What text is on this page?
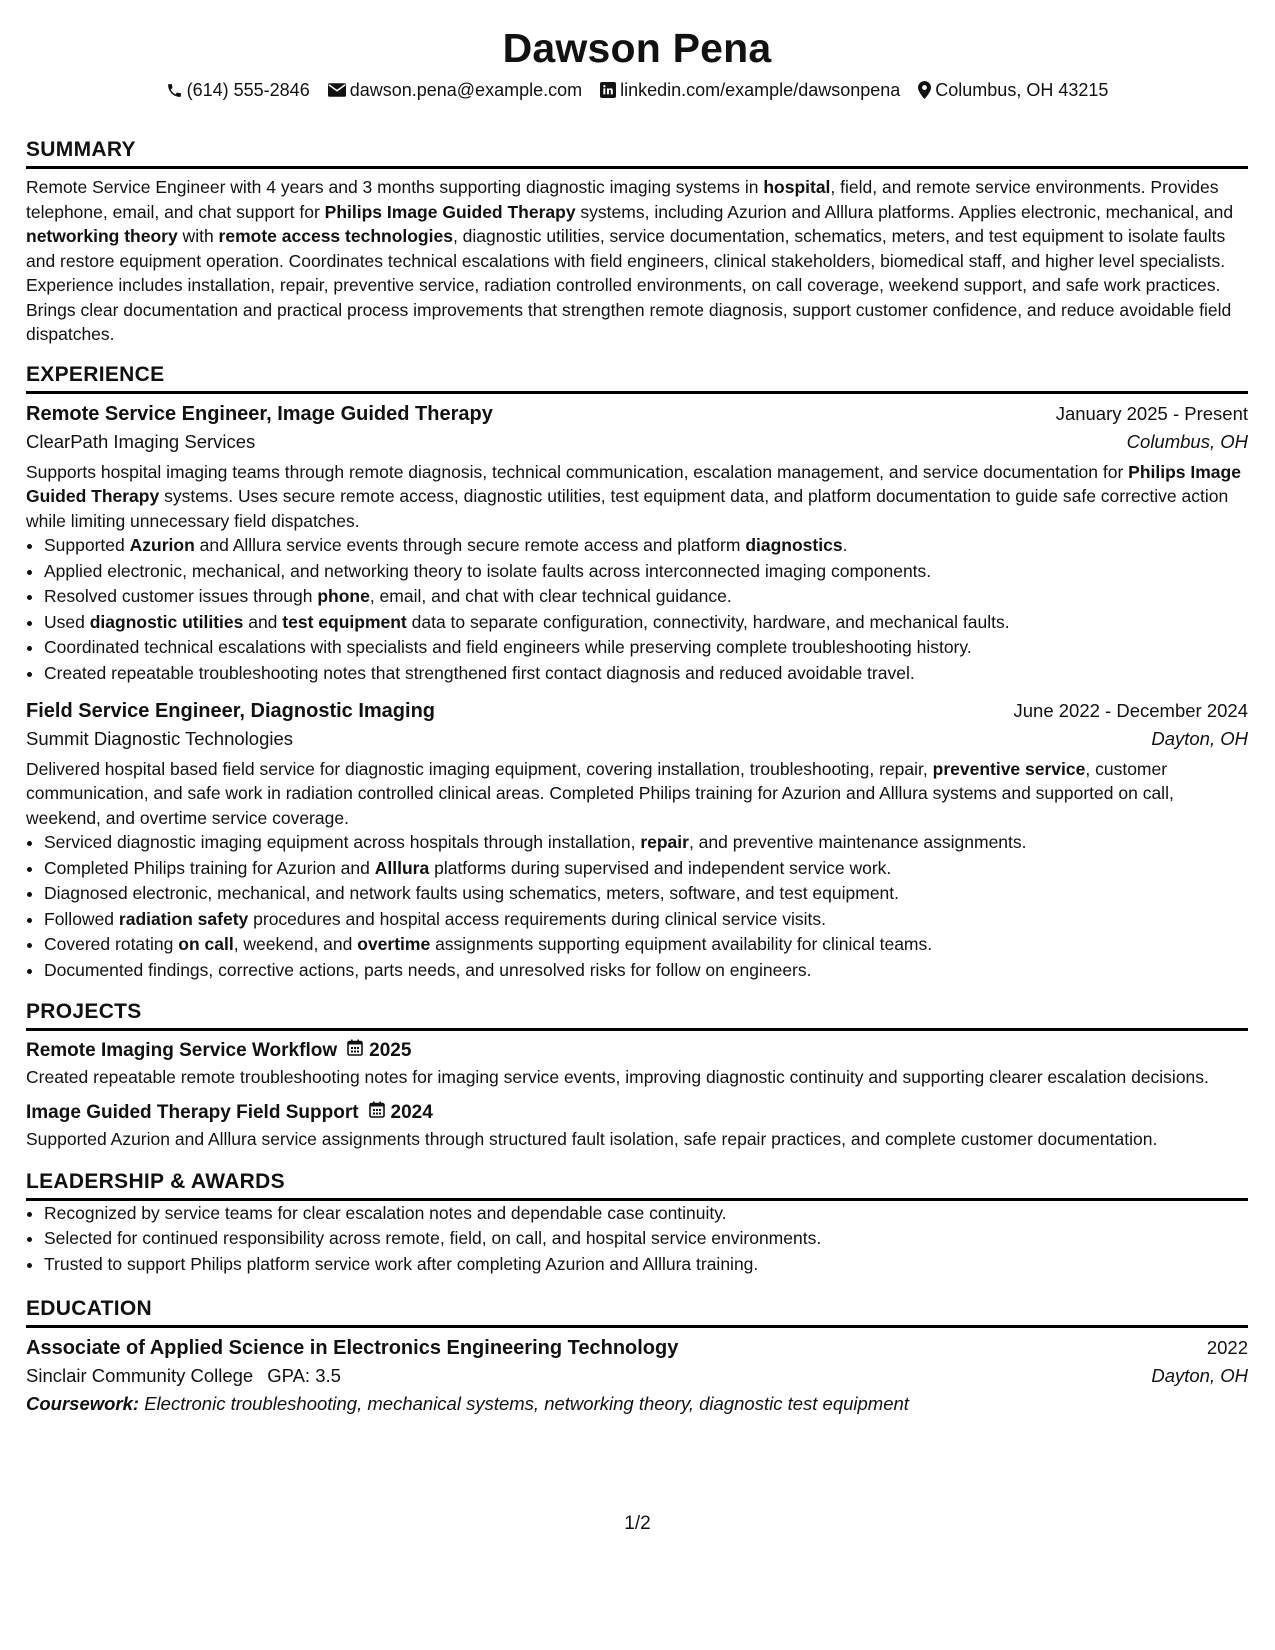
Dawson Pena
(614) 555-2846 dawson.pena@example.com linkedin.com/example/dawsonpena Columbus, OH 43215
SUMMARY

Remote Service Engineer with 4 years and 3 months supporting diagnostic imaging systems in hospital, field, and remote service environments. Provides telephone, email, and chat support for Philips Image Guided Therapy systems, including Azurion and Alllura platforms. Applies electronic, mechanical, and networking theory with remote access technologies, diagnostic utilities, service documentation, schematics, meters, and test equipment to isolate faults and restore equipment operation. Coordinates technical escalations with field engineers, clinical stakeholders, biomedical staff, and higher level specialists. Experience includes installation, repair, preventive service, radiation controlled environments, on call coverage, weekend support, and safe work practices. Brings clear documentation and practical process improvements that strengthen remote diagnosis, support customer confidence, and reduce avoidable field dispatches.

EXPERIENCE
Remote Service Engineer, Image Guided Therapy	January 2025 - Present
ClearPath Imaging Services	Columbus, OH

Supports hospital imaging teams through remote diagnosis, technical communication, escalation management, and service documentation for Philips Image Guided Therapy systems. Uses secure remote access, diagnostic utilities, test equipment data, and platform documentation to guide safe corrective action while limiting unnecessary field dispatches.

• Supported Azurion and Alllura service events through secure remote access and platform diagnostics.
• Applied electronic, mechanical, and networking theory to isolate faults across interconnected imaging components.
• Resolved customer issues through phone, email, and chat with clear technical guidance.
• Used diagnostic utilities and test equipment data to separate configuration, connectivity, hardware, and mechanical faults.
• Coordinated technical escalations with specialists and field engineers while preserving complete troubleshooting history.
• Created repeatable troubleshooting notes that strengthened first contact diagnosis and reduced avoidable travel.
Field Service Engineer, Diagnostic Imaging	June 2022 - December 2024
Summit Diagnostic Technologies	Dayton, OH

Delivered hospital based field service for diagnostic imaging equipment, covering installation, troubleshooting, repair, preventive service, customer communication, and safe work in radiation controlled clinical areas. Completed Philips training for Azurion and Alllura systems and supported on call, weekend, and overtime service coverage.

• Serviced diagnostic imaging equipment across hospitals through installation, repair, and preventive maintenance assignments.
• Completed Philips training for Azurion and Alllura platforms during supervised and independent service work.
• Diagnosed electronic, mechanical, and network faults using schematics, meters, software, and test equipment.
• Followed radiation safety procedures and hospital access requirements during clinical service visits.
• Covered rotating on call, weekend, and overtime assignments supporting equipment availability for clinical teams.
• Documented findings, corrective actions, parts needs, and unresolved risks for follow on engineers.
PROJECTS
Remote Imaging Service Workflow 2025

Created repeatable remote troubleshooting notes for imaging service events, improving diagnostic continuity and supporting clearer escalation decisions.

Image Guided Therapy Field Support 2024

Supported Azurion and Alllura service assignments through structured fault isolation, safe repair practices, and complete customer documentation.

LEADERSHIP & AWARDS
• Recognized by service teams for clear escalation notes and dependable case continuity.
• Selected for continued responsibility across remote, field, on call, and hospital service environments.
• Trusted to support Philips platform service work after completing Azurion and Alllura training.
EDUCATION
Associate of Applied Science in Electronics Engineering Technology	2022
Sinclair Community College GPA: 3.5	Dayton, OH
Coursework: Electronic troubleshooting, mechanical systems, networking theory, diagnostic test equipment
1/2
